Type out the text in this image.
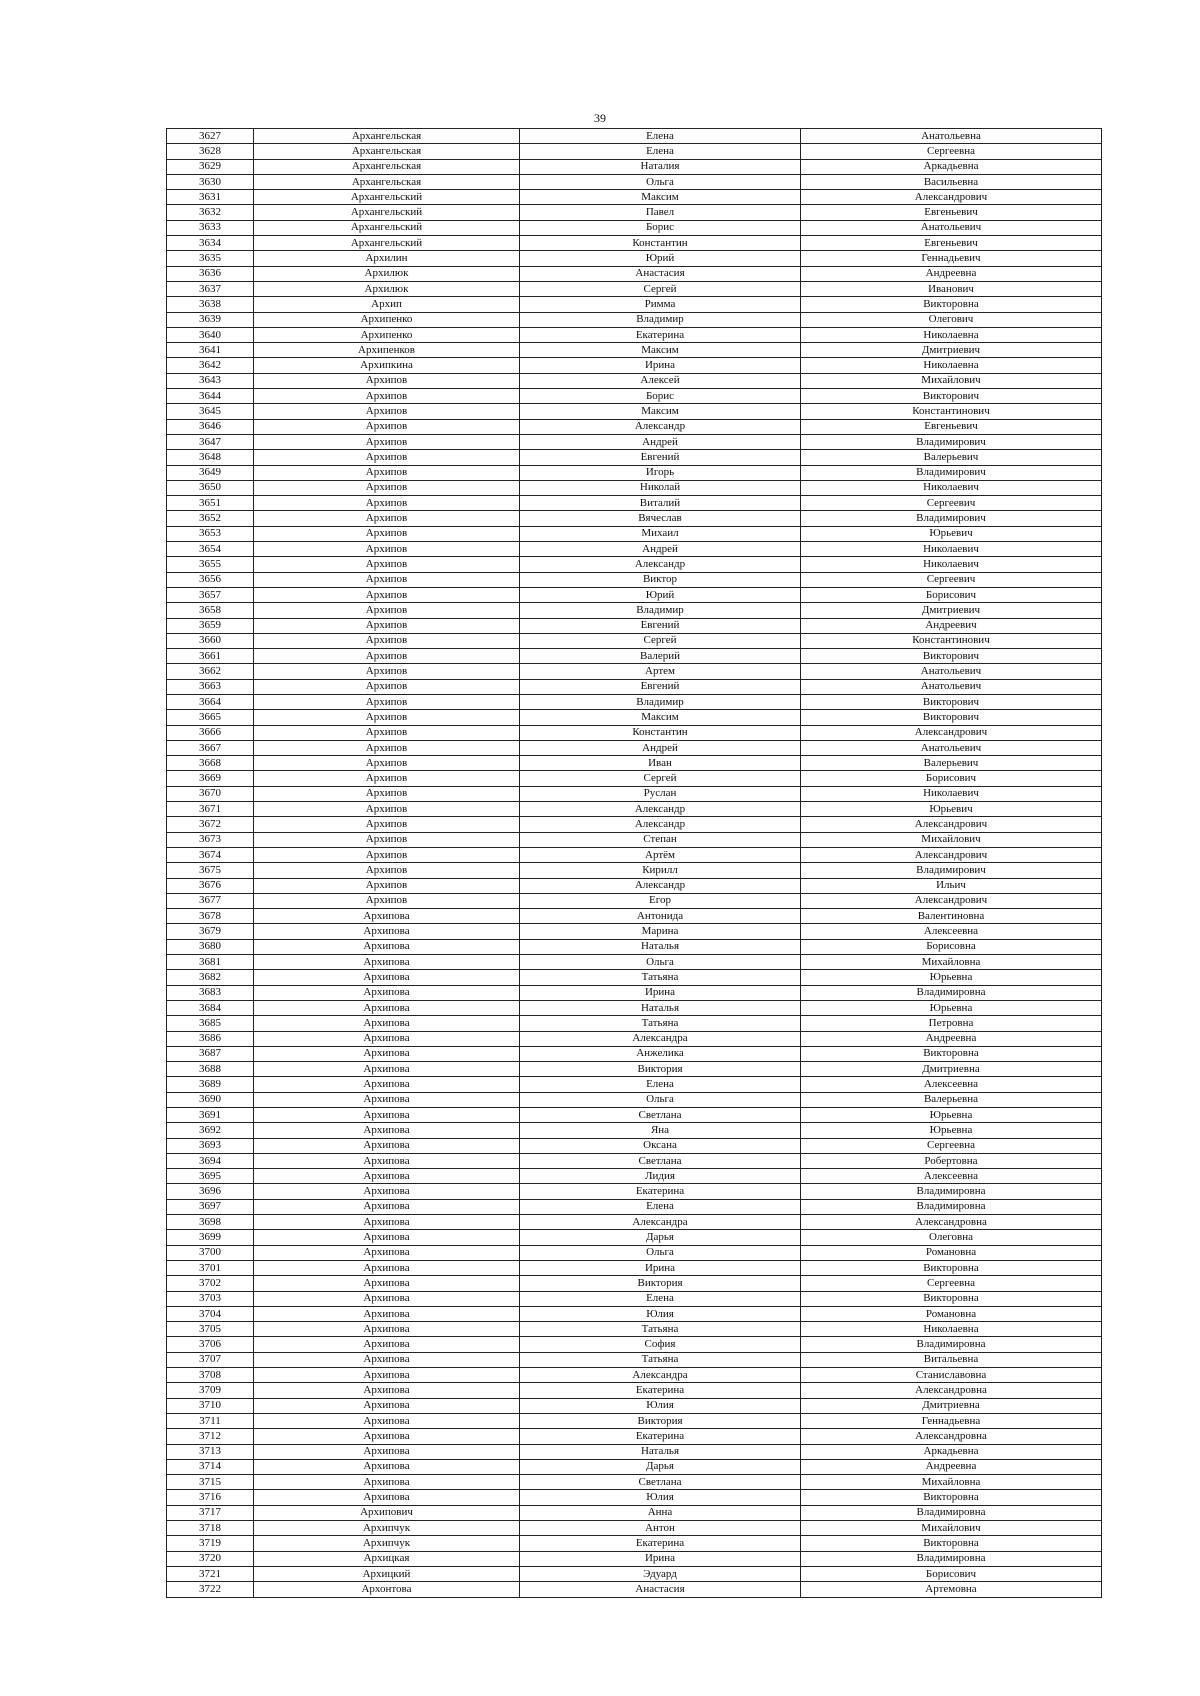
39
3627	Архангельская	Елена	Анатольевна
3628	Архангельская	Елена	Сергеевна
3629	Архангельская	Наталия	Аркадьевна
3630	Архангельская	Ольга	Васильевна
3631	Архангельский	Максим	Александрович
3632	Архангельский	Павел	Евгеньевич
3633	Архангельский	Борис	Анатольевич
3634	Архангельский	Константин	Евгеньевич
3635	Архилин	Юрий	Геннадьевич
3636	Архилюк	Анастасия	Андреевна
3637	Архилюк	Сергей	Иванович
3638	Архип	Римма	Викторовна
3639	Архипенко	Владимир	Олегович
3640	Архипенко	Екатерина	Николаевна
3641	Архипенков	Максим	Дмитриевич
3642	Архипкина	Ирина	Николаевна
3643	Архипов	Алексей	Михайлович
3644	Архипов	Борис	Викторович
3645	Архипов	Максим	Константинович
3646	Архипов	Александр	Евгеньевич
3647	Архипов	Андрей	Владимирович
3648	Архипов	Евгений	Валерьевич
3649	Архипов	Игорь	Владимирович
3650	Архипов	Николай	Николаевич
3651	Архипов	Виталий	Сергеевич
3652	Архипов	Вячеслав	Владимирович
3653	Архипов	Михаил	Юрьевич
3654	Архипов	Андрей	Николаевич
3655	Архипов	Александр	Николаевич
3656	Архипов	Виктор	Сергеевич
3657	Архипов	Юрий	Борисович
3658	Архипов	Владимир	Дмитриевич
3659	Архипов	Евгений	Андреевич
3660	Архипов	Сергей	Константинович
3661	Архипов	Валерий	Викторович
3662	Архипов	Артем	Анатольевич
3663	Архипов	Евгений	Анатольевич
3664	Архипов	Владимир	Викторович
3665	Архипов	Максим	Викторович
3666	Архипов	Константин	Александрович
3667	Архипов	Андрей	Анатольевич
3668	Архипов	Иван	Валерьевич
3669	Архипов	Сергей	Борисович
3670	Архипов	Руслан	Николаевич
3671	Архипов	Александр	Юрьевич
3672	Архипов	Александр	Александрович
3673	Архипов	Степан	Михайлович
3674	Архипов	Артём	Александрович
3675	Архипов	Кирилл	Владимирович
3676	Архипов	Александр	Ильич
3677	Архипов	Егор	Александрович
3678	Архипова	Антонида	Валентиновна
3679	Архипова	Марина	Алексеевна
3680	Архипова	Наталья	Борисовна
3681	Архипова	Ольга	Михайловна
3682	Архипова	Татьяна	Юрьевна
3683	Архипова	Ирина	Владимировна
3684	Архипова	Наталья	Юрьевна
3685	Архипова	Татьяна	Петровна
3686	Архипова	Александра	Андреевна
3687	Архипова	Анжелика	Викторовна
3688	Архипова	Виктория	Дмитриевна
3689	Архипова	Елена	Алексеевна
3690	Архипова	Ольга	Валерьевна
3691	Архипова	Светлана	Юрьевна
3692	Архипова	Яна	Юрьевна
3693	Архипова	Оксана	Сергеевна
3694	Архипова	Светлана	Робертовна
3695	Архипова	Лидия	Алексеевна
3696	Архипова	Екатерина	Владимировна
3697	Архипова	Елена	Владимировна
3698	Архипова	Александра	Александровна
3699	Архипова	Дарья	Олеговна
3700	Архипова	Ольга	Романовна
3701	Архипова	Ирина	Викторовна
3702	Архипова	Виктория	Сергеевна
3703	Архипова	Елена	Викторовна
3704	Архипова	Юлия	Романовна
3705	Архипова	Татьяна	Николаевна
3706	Архипова	София	Владимировна
3707	Архипова	Татьяна	Витальевна
3708	Архипова	Александра	Станиславовна
3709	Архипова	Екатерина	Александровна
3710	Архипова	Юлия	Дмитриевна
3711	Архипова	Виктория	Геннадьевна
3712	Архипова	Екатерина	Александровна
3713	Архипова	Наталья	Аркадьевна
3714	Архипова	Дарья	Андреевна
3715	Архипова	Светлана	Михайловна
3716	Архипова	Юлия	Викторовна
3717	Архипович	Анна	Владимировна
3718	Архипчук	Антон	Михайлович
3719	Архипчук	Екатерина	Викторовна
3720	Архицкая	Ирина	Владимировна
3721	Архицкий	Эдуард	Борисович
3722	Архонтова	Анастасия	Артемовна
